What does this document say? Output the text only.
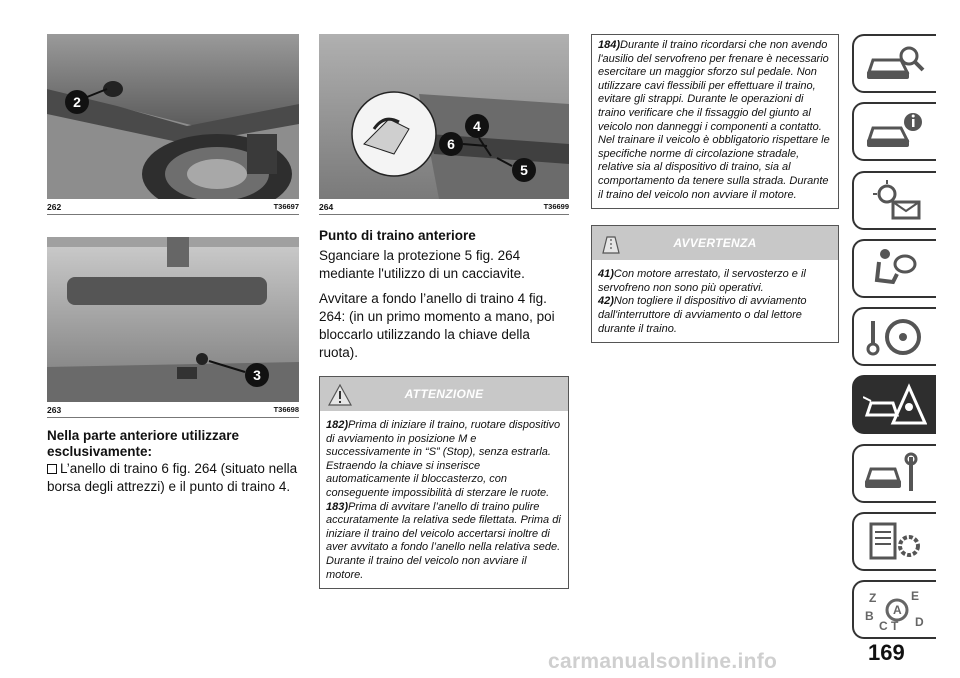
2
262	T36697
3
263	T36698
Nella parte anteriore utilizzare esclusivamente:

L’anello di traino 6 fig. 264 (situato nella borsa degli attrezzi) e il punto di traino 4.

4
6
5
264	T36699
Punto di traino anteriore

Sganciare la protezione 5 fig. 264 mediante l'utilizzo di un cacciavite.

Avvitare a fondo l’anello di traino 4 fig. 264: (in un primo momento a mano, poi bloccarlo utilizzando la chiave della ruota).

ATTENZIONE
182)Prima di iniziare il traino, ruotare dispositivo di avviamento in posizione M e successivamente in “S” (Stop), senza estrarla. Estraendo la chiave si inserisce automaticamente il bloccasterzo, con conseguente impossibilità di sterzare le ruote.
183)Prima di avvitare l’anello di traino pulire accuratamente la relativa sede filettata. Prima di iniziare il traino del veicolo accertarsi inoltre di aver avvitato a fondo l’anello nella relativa sede. Durante il traino del veicolo non avviare il motore.
184)Durante il traino ricordarsi che non avendo l'ausilio del servofreno per frenare è necessario esercitare un maggior sforzo sul pedale. Non utilizzare cavi flessibili per effettuare il traino, evitare gli strappi. Durante le operazioni di traino verificare che il fissaggio del giunto al veicolo non danneggi i componenti a contatto. Nel trainare il veicolo è obbligatorio rispettare le specifiche norme di circolazione stradale, relative sia al dispositivo di traino, sia al comportamento da tenere sulla strada. Durante il traino del veicolo non avviare il motore.
AVVERTENZA
41)Con motore arrestato, il servosterzo e il servofreno non sono più operativi.
42)Non togliere il dispositivo di avviamento dall'interruttore di avviamento o dal lettore durante il traino.
Z	E
A
B
C T D
169
carmanualsonline.info
